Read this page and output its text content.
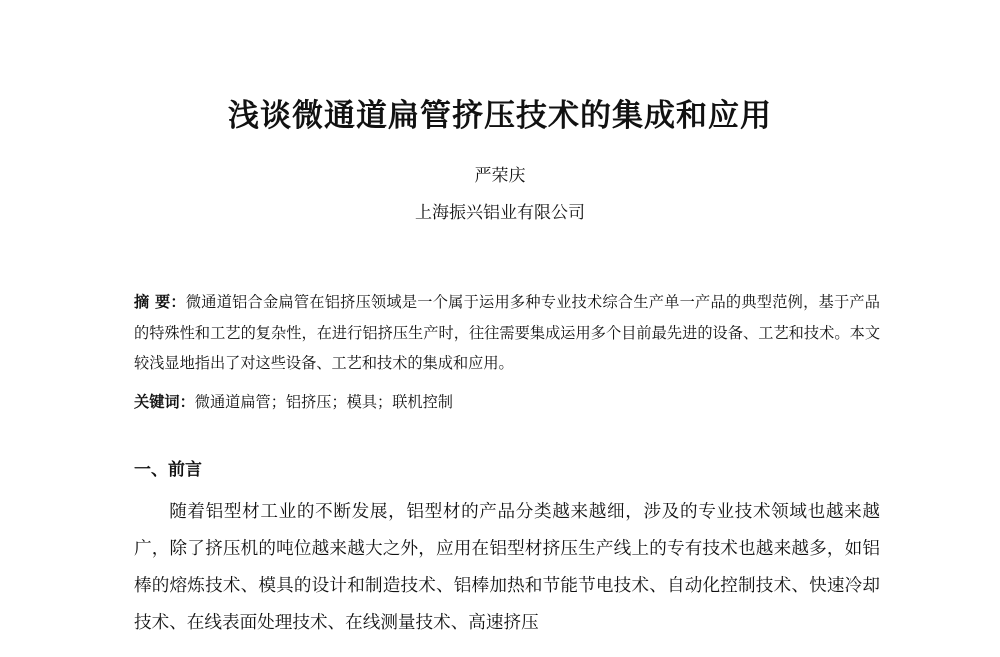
浅谈微通道扁管挤压技术的集成和应用
严荣庆
上海振兴铝业有限公司
摘 要：微通道铝合金扁管在铝挤压领域是一个属于运用多种专业技术综合生产单一产品的典型范例，基于产品的特殊性和工艺的复杂性，在进行铝挤压生产时，往往需要集成运用多个目前最先进的设备、工艺和技术。本文较浅显地指出了对这些设备、工艺和技术的集成和应用。
关键词：微通道扁管；铝挤压；模具；联机控制
一、前言
随着铝型材工业的不断发展，铝型材的产品分类越来越细，涉及的专业技术领域也越来越广，除了挤压机的吨位越来越大之外，应用在铝型材挤压生产线上的专有技术也越来越多，如铝棒的熔炼技术、模具的设计和制造技术、铝棒加热和节能节电技术、自动化控制技术、快速冷却技术、在线表面处理技术、在线测量技术、高速挤压
